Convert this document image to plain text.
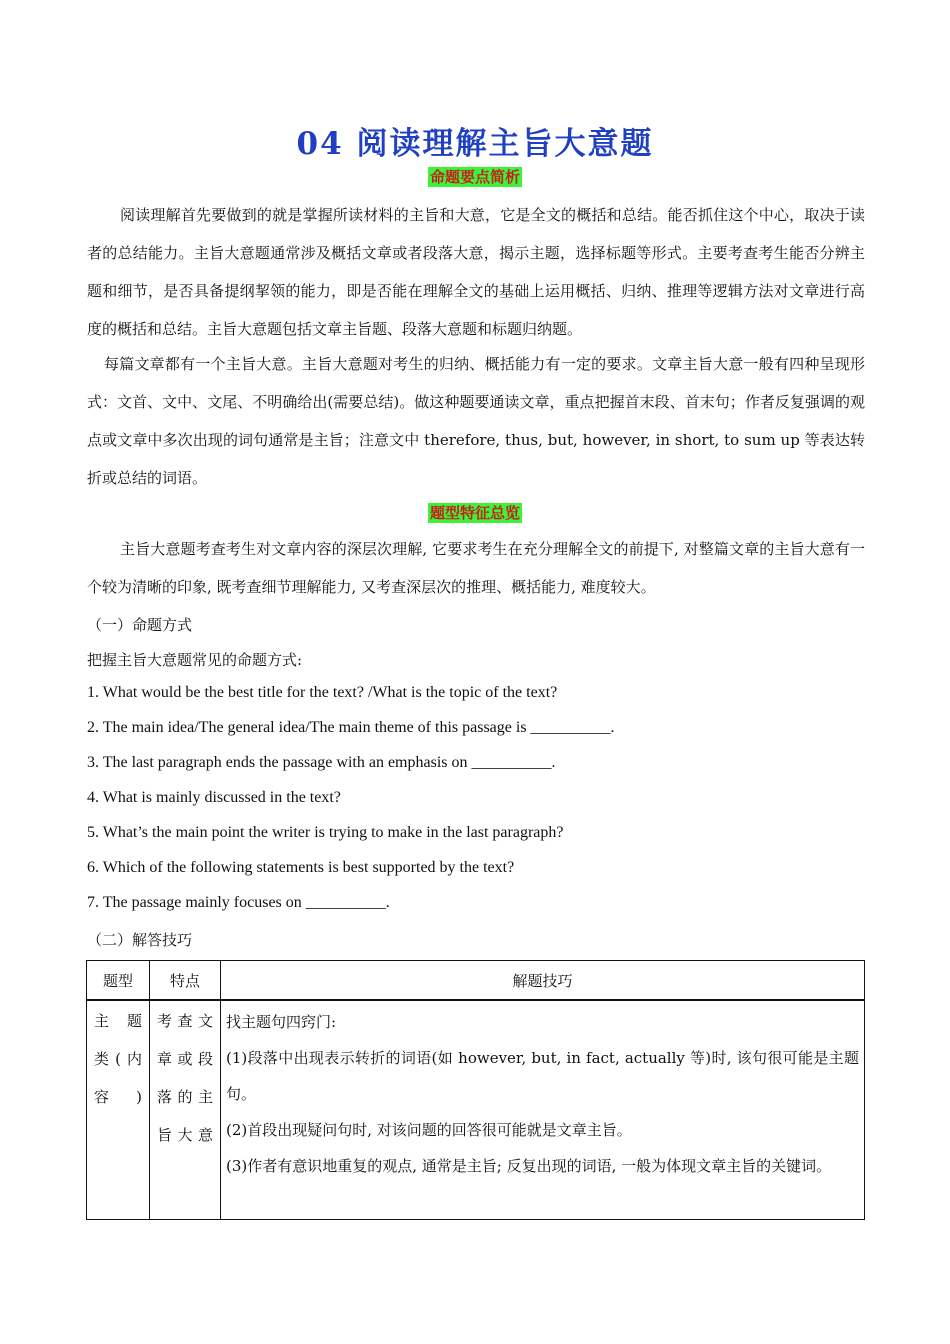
04 阅读理解主旨大意题
命题要点简析
阅读理解首先要做到的就是掌握所读材料的主旨和大意，它是全文的概括和总结。能否抓住这个中心，取决于读者的总结能力。主旨大意题通常涉及概括文章或者段落大意，揭示主题，选择标题等形式。主要考查考生能否分辨主题和细节，是否具备提纲挈领的能力，即是否能在理解全文的基础上运用概括、归纳、推理等逻辑方法对文章进行高度的概括和总结。主旨大意题包括文章主旨题、段落大意题和标题归纳题。
每篇文章都有一个主旨大意。主旨大意题对考生的归纳、概括能力有一定的要求。文章主旨大意一般有四种呈现形式：文首、文中、文尾、不明确给出(需要总结)。做这种题要通读文章，重点把握首末段、首末句；作者反复强调的观点或文章中多次出现的词句通常是主旨；注意文中 therefore, thus, but, however, in short, to sum up 等表达转折或总结的词语。
题型特征总览
主旨大意题考查考生对文章内容的深层次理解, 它要求考生在充分理解全文的前提下, 对整篇文章的主旨大意有一个较为清晰的印象, 既考查细节理解能力, 又考查深层次的推理、概括能力, 难度较大。
（一）命题方式
把握主旨大意题常见的命题方式:
1. What would be the best title for the text? /What is the topic of the text?
2. The main idea/The general idea/The main theme of this passage is __________.
3. The last paragraph ends the passage with an emphasis on __________.
4. What is mainly discussed in the text?
5. What’s the main point the writer is trying to make in the last paragraph?
6. Which of the following statements is best supported by the text?
7. The passage mainly focuses on __________.
（二）解答技巧
题型	特点	解题技巧

主 题 类(内容)	考查文章或段落的主旨大意	找主题句四窍门:
(1)段落中出现表示转折的词语(如 however, but, in fact, actually 等)时, 该句很可能是主题句。
(2)首段出现疑问句时, 对该问题的回答很可能就是文章主旨。
(3)作者有意识地重复的观点, 通常是主旨; 反复出现的词语, 一般为体现文章主旨的关键词。
